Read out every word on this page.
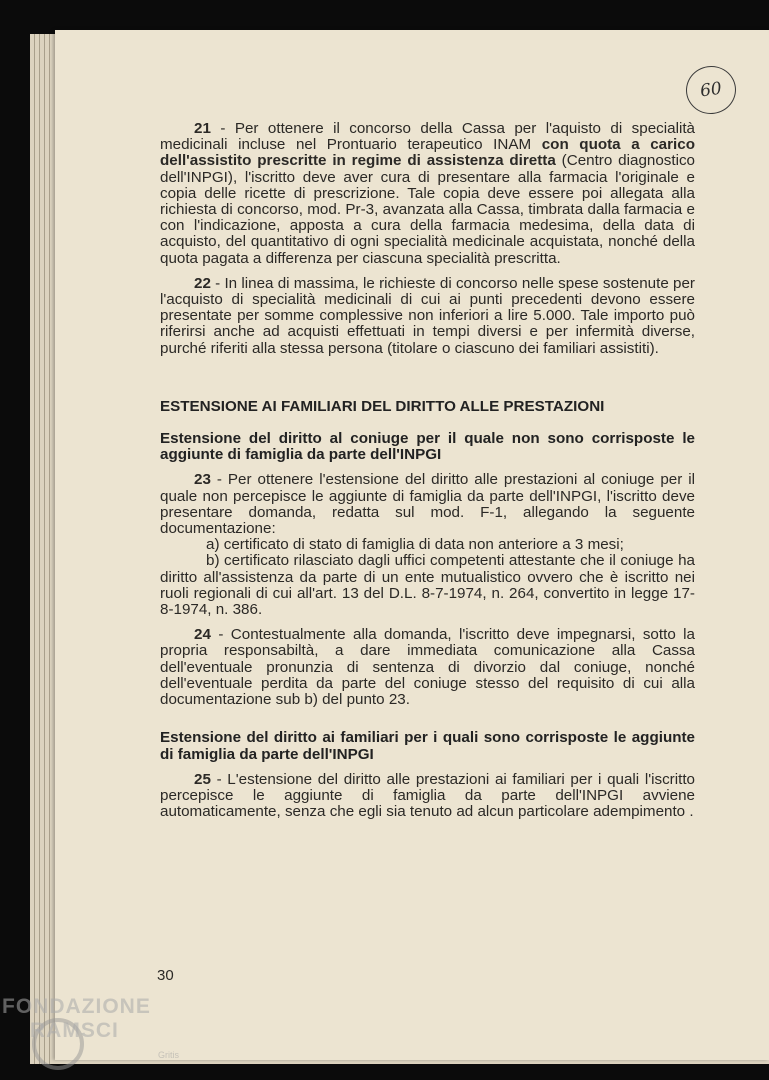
60

21 - Per ottenere il concorso della Cassa per l'aquisto di specialità medicinali incluse nel Prontuario terapeutico INAM con quota a carico dell'assistito prescritte in regime di assistenza diretta (Centro diagnostico dell'INPGI), l'iscritto deve aver cura di presentare alla farmacia l'originale e copia delle ricette di prescrizione. Tale copia deve essere poi allegata alla richiesta di concorso, mod. Pr-3, avanzata alla Cassa, timbrata dalla farmacia e con l'indicazione, apposta a cura della farmacia medesima, della data di acquisto, del quantitativo di ogni specialità medicinale acquistata, nonché della quota pagata a differenza per ciascuna specialità prescritta.

22 - In linea di massima, le richieste di concorso nelle spese sostenute per l'acquisto di specialità medicinali di cui ai punti precedenti devono essere presentate per somme complessive non inferiori a lire 5.000. Tale importo può riferirsi anche ad acquisti effettuati in tempi diversi e per infermità diverse, purché riferiti alla stessa persona (titolare o ciascuno dei familiari assistiti).

ESTENSIONE AI FAMILIARI DEL DIRITTO ALLE PRESTAZIONI

Estensione del diritto al coniuge per il quale non sono corrisposte le aggiunte di famiglia da parte dell'INPGI

23 - Per ottenere l'estensione del diritto alle prestazioni al coniuge per il quale non percepisce le aggiunte di famiglia da parte dell'INPGI, l'iscritto deve presentare domanda, redatta sul mod. F-1, allegando la seguente documentazione:

a) certificato di stato di famiglia di data non anteriore a 3 mesi;

b) certificato rilasciato dagli uffici competenti attestante che il coniuge ha diritto all'assistenza da parte di un ente mutualistico ovvero che è iscritto nei ruoli regionali di cui all'art. 13 del D.L. 8-7-1974, n. 264, convertito in legge 17-8-1974, n. 386.

24 - Contestualmente alla domanda, l'iscritto deve impegnarsi, sotto la propria responsabiltà, a dare immediata comunicazione alla Cassa dell'eventuale pronunzia di sentenza di divorzio dal coniuge, nonché dell'eventuale perdita da parte del coniuge stesso del requisito di cui alla documentazione sub b) del punto 23.

Estensione del diritto ai familiari per i quali sono corrisposte le aggiunte di famiglia da parte dell'INPGI

25 - L'estensione del diritto alle prestazioni ai familiari per i quali l'iscritto percepisce le aggiunte di famiglia da parte dell'INPGI avviene automaticamente, senza che egli sia tenuto ad alcun particolare adempimento .

30
FONDAZIONE
RAMSCI
Gritis
